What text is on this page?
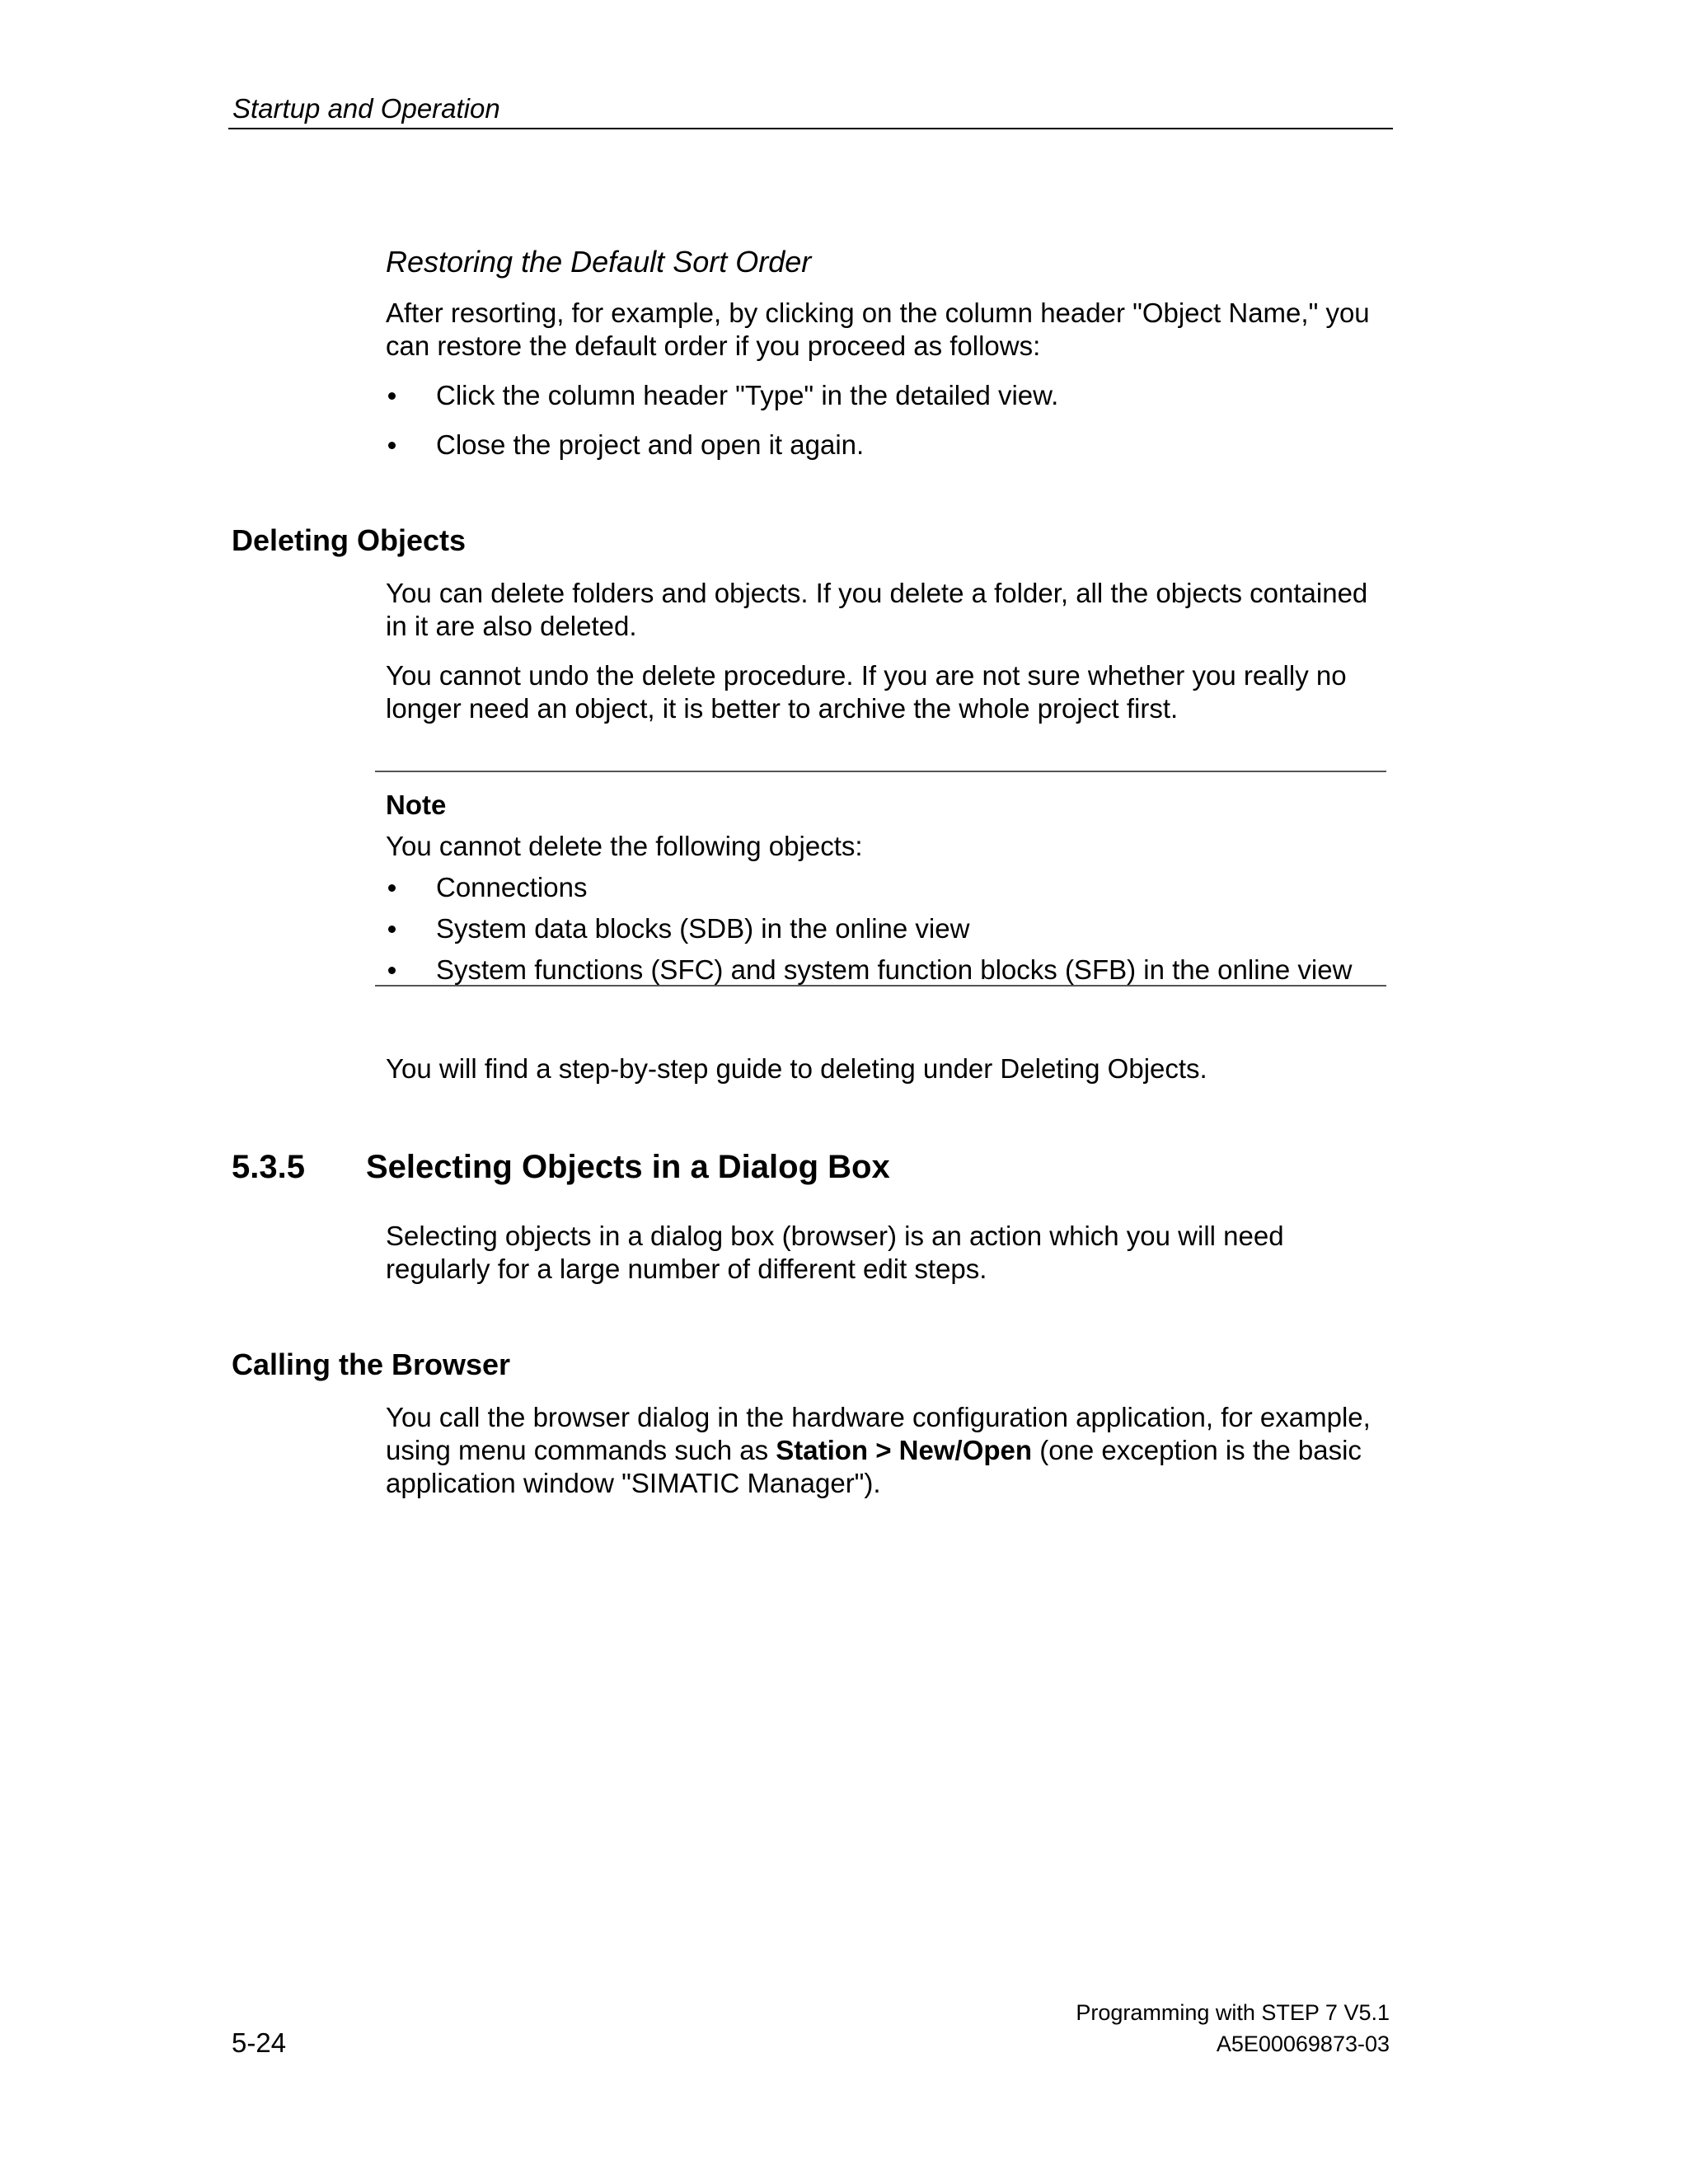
Startup and Operation
Restoring the Default Sort Order
After resorting, for example, by clicking on the column header "Object Name," you
can restore the default order if you proceed as follows:
Click the column header "Type" in the detailed view.
Close the project and open it again.
Deleting Objects
You can delete folders and objects. If you delete a folder, all the objects contained
in it are also deleted.
You cannot undo the delete procedure. If you are not sure whether you really no
longer need an object, it is better to archive the whole project first.
Note
You cannot delete the following objects:
Connections
System data blocks (SDB) in the online view
System functions (SFC) and system function blocks (SFB) in the online view
You will find a step-by-step guide to deleting under Deleting Objects.
5.3.5 Selecting Objects in a Dialog Box
Selecting objects in a dialog box (browser) is an action which you will need
regularly for a large number of different edit steps.
Calling the Browser
You call the browser dialog in the hardware configuration application, for example,
using menu commands such as Station > New/Open (one exception is the basic
application window "SIMATIC Manager").
Programming with STEP 7 V5.1
5-24	A5E00069873-03
